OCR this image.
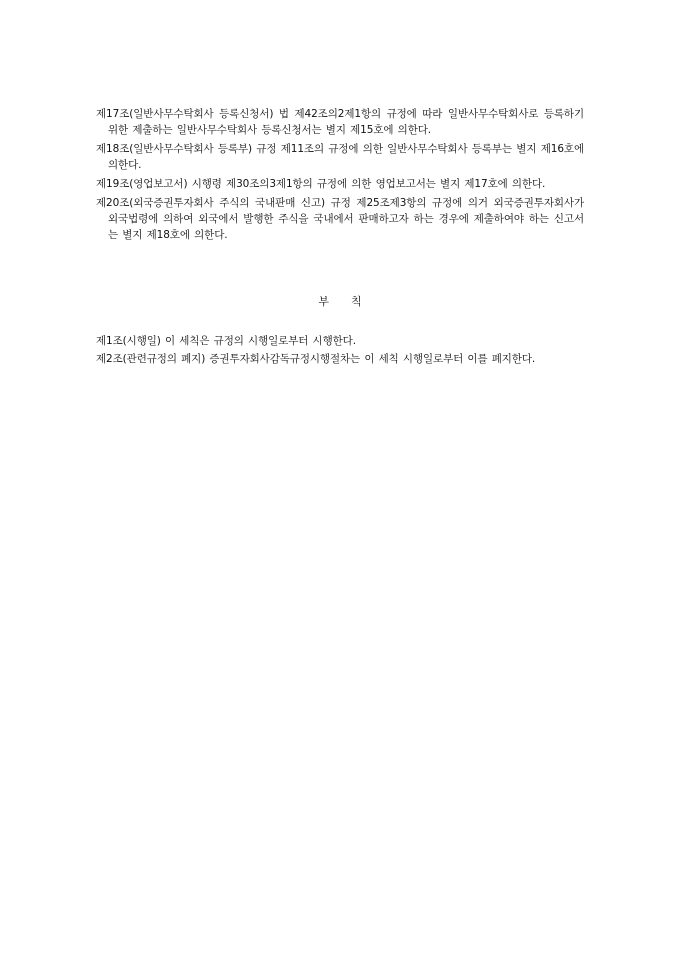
제17조(일반사무수탁회사 등록신청서) 법 제42조의2제1항의 규정에 따라 일반사무수탁회사로 등록하기 위한 제출하는 일반사무수탁회사 등록신청서는 별지 제15호에 의한다.

제18조(일반사무수탁회사 등록부) 규정 제11조의 규정에 의한 일반사무수탁회사 등록부는 별지 제16호에 의한다.

제19조(영업보고서) 시행령 제30조의3제1항의 규정에 의한 영업보고서는 별지 제17호에 의한다.

제20조(외국증권투자회사 주식의 국내판매 신고) 규정 제25조제3항의 규정에 의거 외국증권투자회사가 외국법령에 의하여 외국에서 발행한 주식을 국내에서 판매하고자 하는 경우에 제출하여야 하는 신고서는 별지 제18호에 의한다.

부칙

제1조(시행일) 이 세칙은 규정의 시행일로부터 시행한다.

제2조(관련규정의 폐지) 증권투자회사감독규정시행절차는 이 세칙 시행일로부터 이를 폐지한다.
